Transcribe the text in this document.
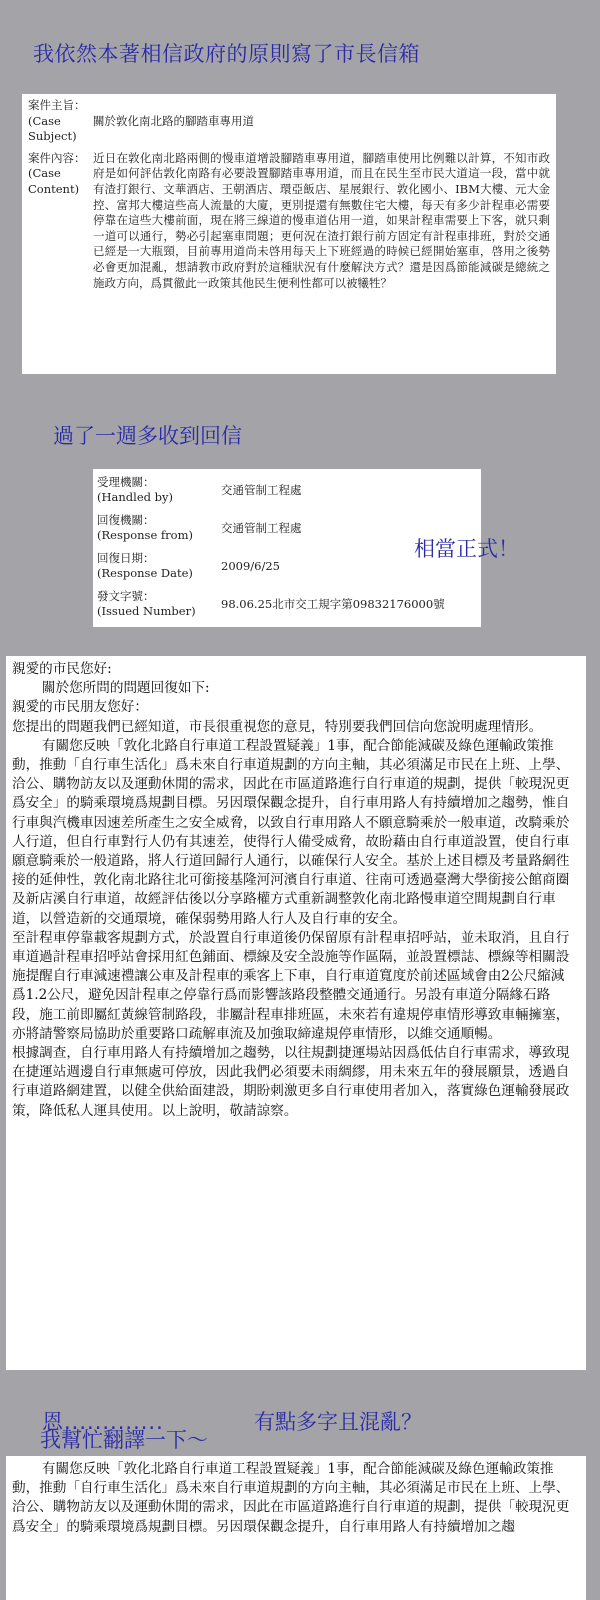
我依然本著相信政府的原則寫了市長信箱
案件主旨：(Case Subject)	關於敦化南北路的腳踏車專用道
案件內容：(Case Content)	近日在敦化南北路兩側的慢車道增設腳踏車專用道，腳踏車使用比例難以計算，不知市政府是如何評估敦化南路有必要設置腳踏車專用道，而且在民生至市民大道這一段，當中就有渣打銀行、文華酒店、王朝酒店、環亞飯店、星展銀行、敦化國小、IBM大樓、元大金控、富邦大樓這些高人流量的大廈，更別提還有無數住宅大樓，每天有多少計程車必需要停靠在這些大樓前面，現在將三線道的慢車道佔用一道，如果計程車需要上下客，就只剩一道可以通行，勢必引起塞車問題；更何況在渣打銀行前方固定有計程車排班，對於交通已經是一大瓶頸，目前專用道尚未啓用每天上下班經過的時候已經開始塞車，啓用之後勢必會更加混亂，想請教市政府對於這種狀況有什麼解決方式？還是因爲節能減碳是總統之施政方向，爲貫徹此一政策其他民生便利性都可以被犧牲？
過了一週多收到回信
受理機關：
(Handled by)	交通管制工程處
回復機關：
(Response from)	交通管制工程處
回復日期：
(Response Date)	2009/6/25
發文字號：
(Issued Number)	98.06.25北市交工規字第09832176000號
相當正式！

親愛的市民您好:

關於您所問的問題回復如下:

親愛的市民朋友您好：

您提出的問題我們已經知道，市長很重視您的意見，特別要我們回信向您說明處理情形。

有關您反映「敦化北路自行車道工程設置疑義」1事，配合節能減碳及綠色運輸政策推動，推動「自行車生活化」爲未來自行車道規劃的方向主軸，其必須滿足市民在上班、上學、洽公、購物訪友以及運動休閒的需求，因此在市區道路進行自行車道的規劃，提供「較現況更爲安全」的騎乘環境爲規劃目標。另因環保觀念提升，自行車用路人有持續增加之趨勢，惟自行車與汽機車因速差所產生之安全威脅，以致自行車用路人不願意騎乘於一般車道，改騎乘於人行道，但自行車對行人仍有其速差，使得行人備受威脅，故盼藉由自行車道設置，使自行車願意騎乘於一般道路，將人行道回歸行人通行，以確保行人安全。基於上述目標及考量路網徃接的延伸性，敦化南北路往北可銜接基隆河河濱自行車道、往南可透過臺灣大學銜接公館商圈及新店溪自行車道，故經評估後以分享路權方式重新調整敦化南北路慢車道空間規劃自行車道，以營造新的交通環境，確保弱勢用路人行人及自行車的安全。

至計程車停靠載客規劃方式，於設置自行車道後仍保留原有計程車招呼站，並未取消，且自行車道過計程車招呼站會採用紅色鋪面、標線及安全設施等作區隔，並設置標誌、標線等相關設施提醒自行車減速禮讓公車及計程車的乘客上下車，自行車道寬度於前述區域會由2公尺縮減爲1.2公尺，避免因計程車之停靠行爲而影響該路段整體交通通行。另設有車道分隔緣石路段，施工前即屬紅黃線管制路段，非屬計程車排班區，未來若有違規停車情形導致車輛擁塞，亦將請警察局協助於重要路口疏解車流及加強取締違規停車情形，以維交通順暢。

根據調查，自行車用路人有持續增加之趨勢，以往規劃捷運場站因爲低估自行車需求，導致現在捷運站週邊自行車無處可停放，因此我們必須要未雨綢繆，用未來五年的發展願景，透過自行車道路網建置，以健全供給面建設，期盼刺激更多自行車使用者加入，落實綠色運輸發展政策，降低私人運具使用。以上說明，敬請諒察。

恩.............	有點多字且混亂？
我幫忙翻譯一下～

有關您反映「敦化北路自行車道工程設置疑義」1事，配合節能減碳及綠色運輸政策推動，推動「自行車生活化」爲未來自行車道規劃的方向主軸，其必須滿足市民在上班、上學、洽公、購物訪友以及運動休閒的需求，因此在市區道路進行自行車道的規劃，提供「較現況更爲安全」的騎乘環境爲規劃目標。另因環保觀念提升，自行車用路人有持續增加之趨
